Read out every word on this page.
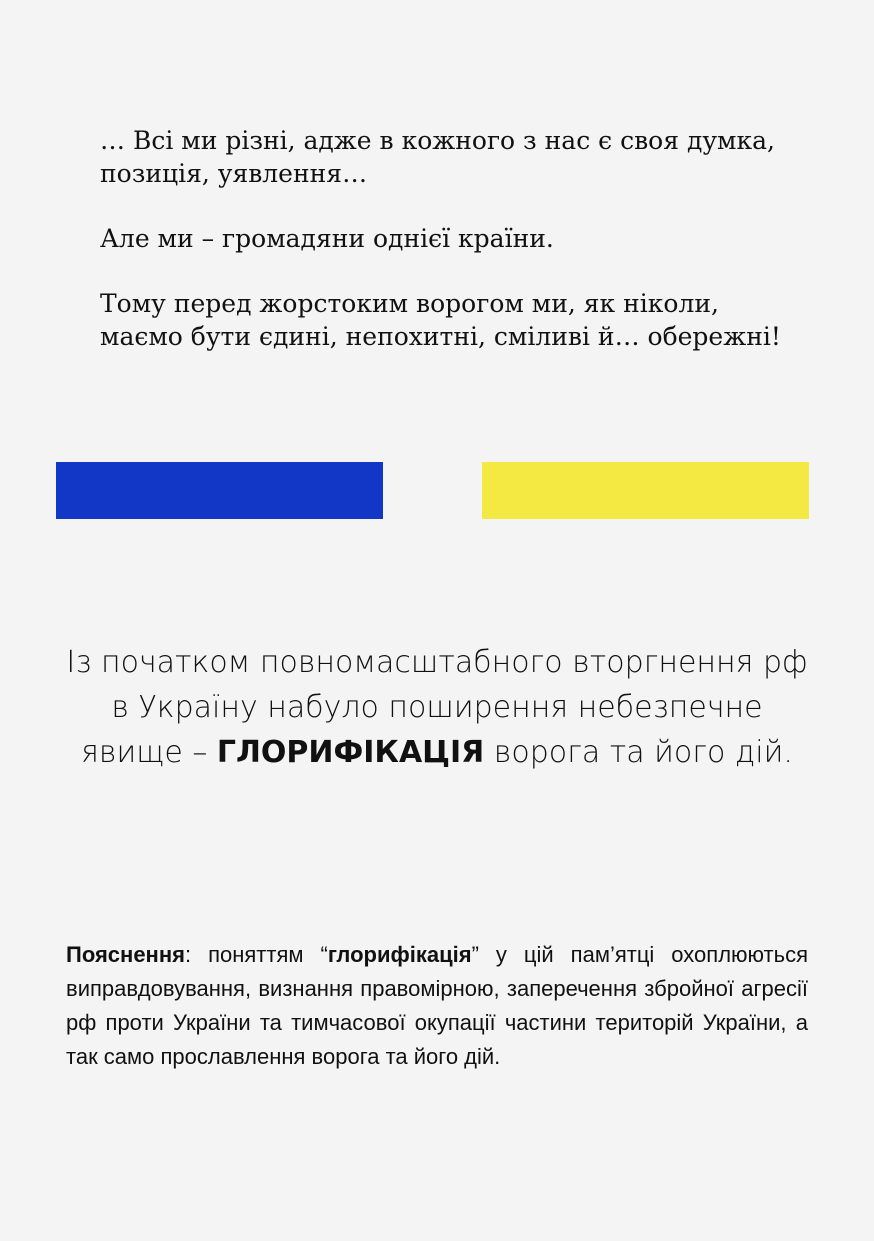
… Всі ми різні, адже в кожного з нас є своя думка, позиція, уявлення…

Але ми – громадяни однієї країни.

Тому перед жорстоким ворогом ми, як ніколи, маємо бути єдині, непохитні, сміливі й… обережні!

Із початком повномасштабного вторгнення рф в Україну набуло поширення небезпечне явище – ГЛОРИФІКАЦІЯ ворога та його дій.

Пояснення: поняттям “глорифікація” у цій пам’ятці охоплюються виправдовування, визнання правомірною, заперечення збройної агресії рф проти України та тимчасової окупації частини територій України, а так само прославлення ворога та його дій.
